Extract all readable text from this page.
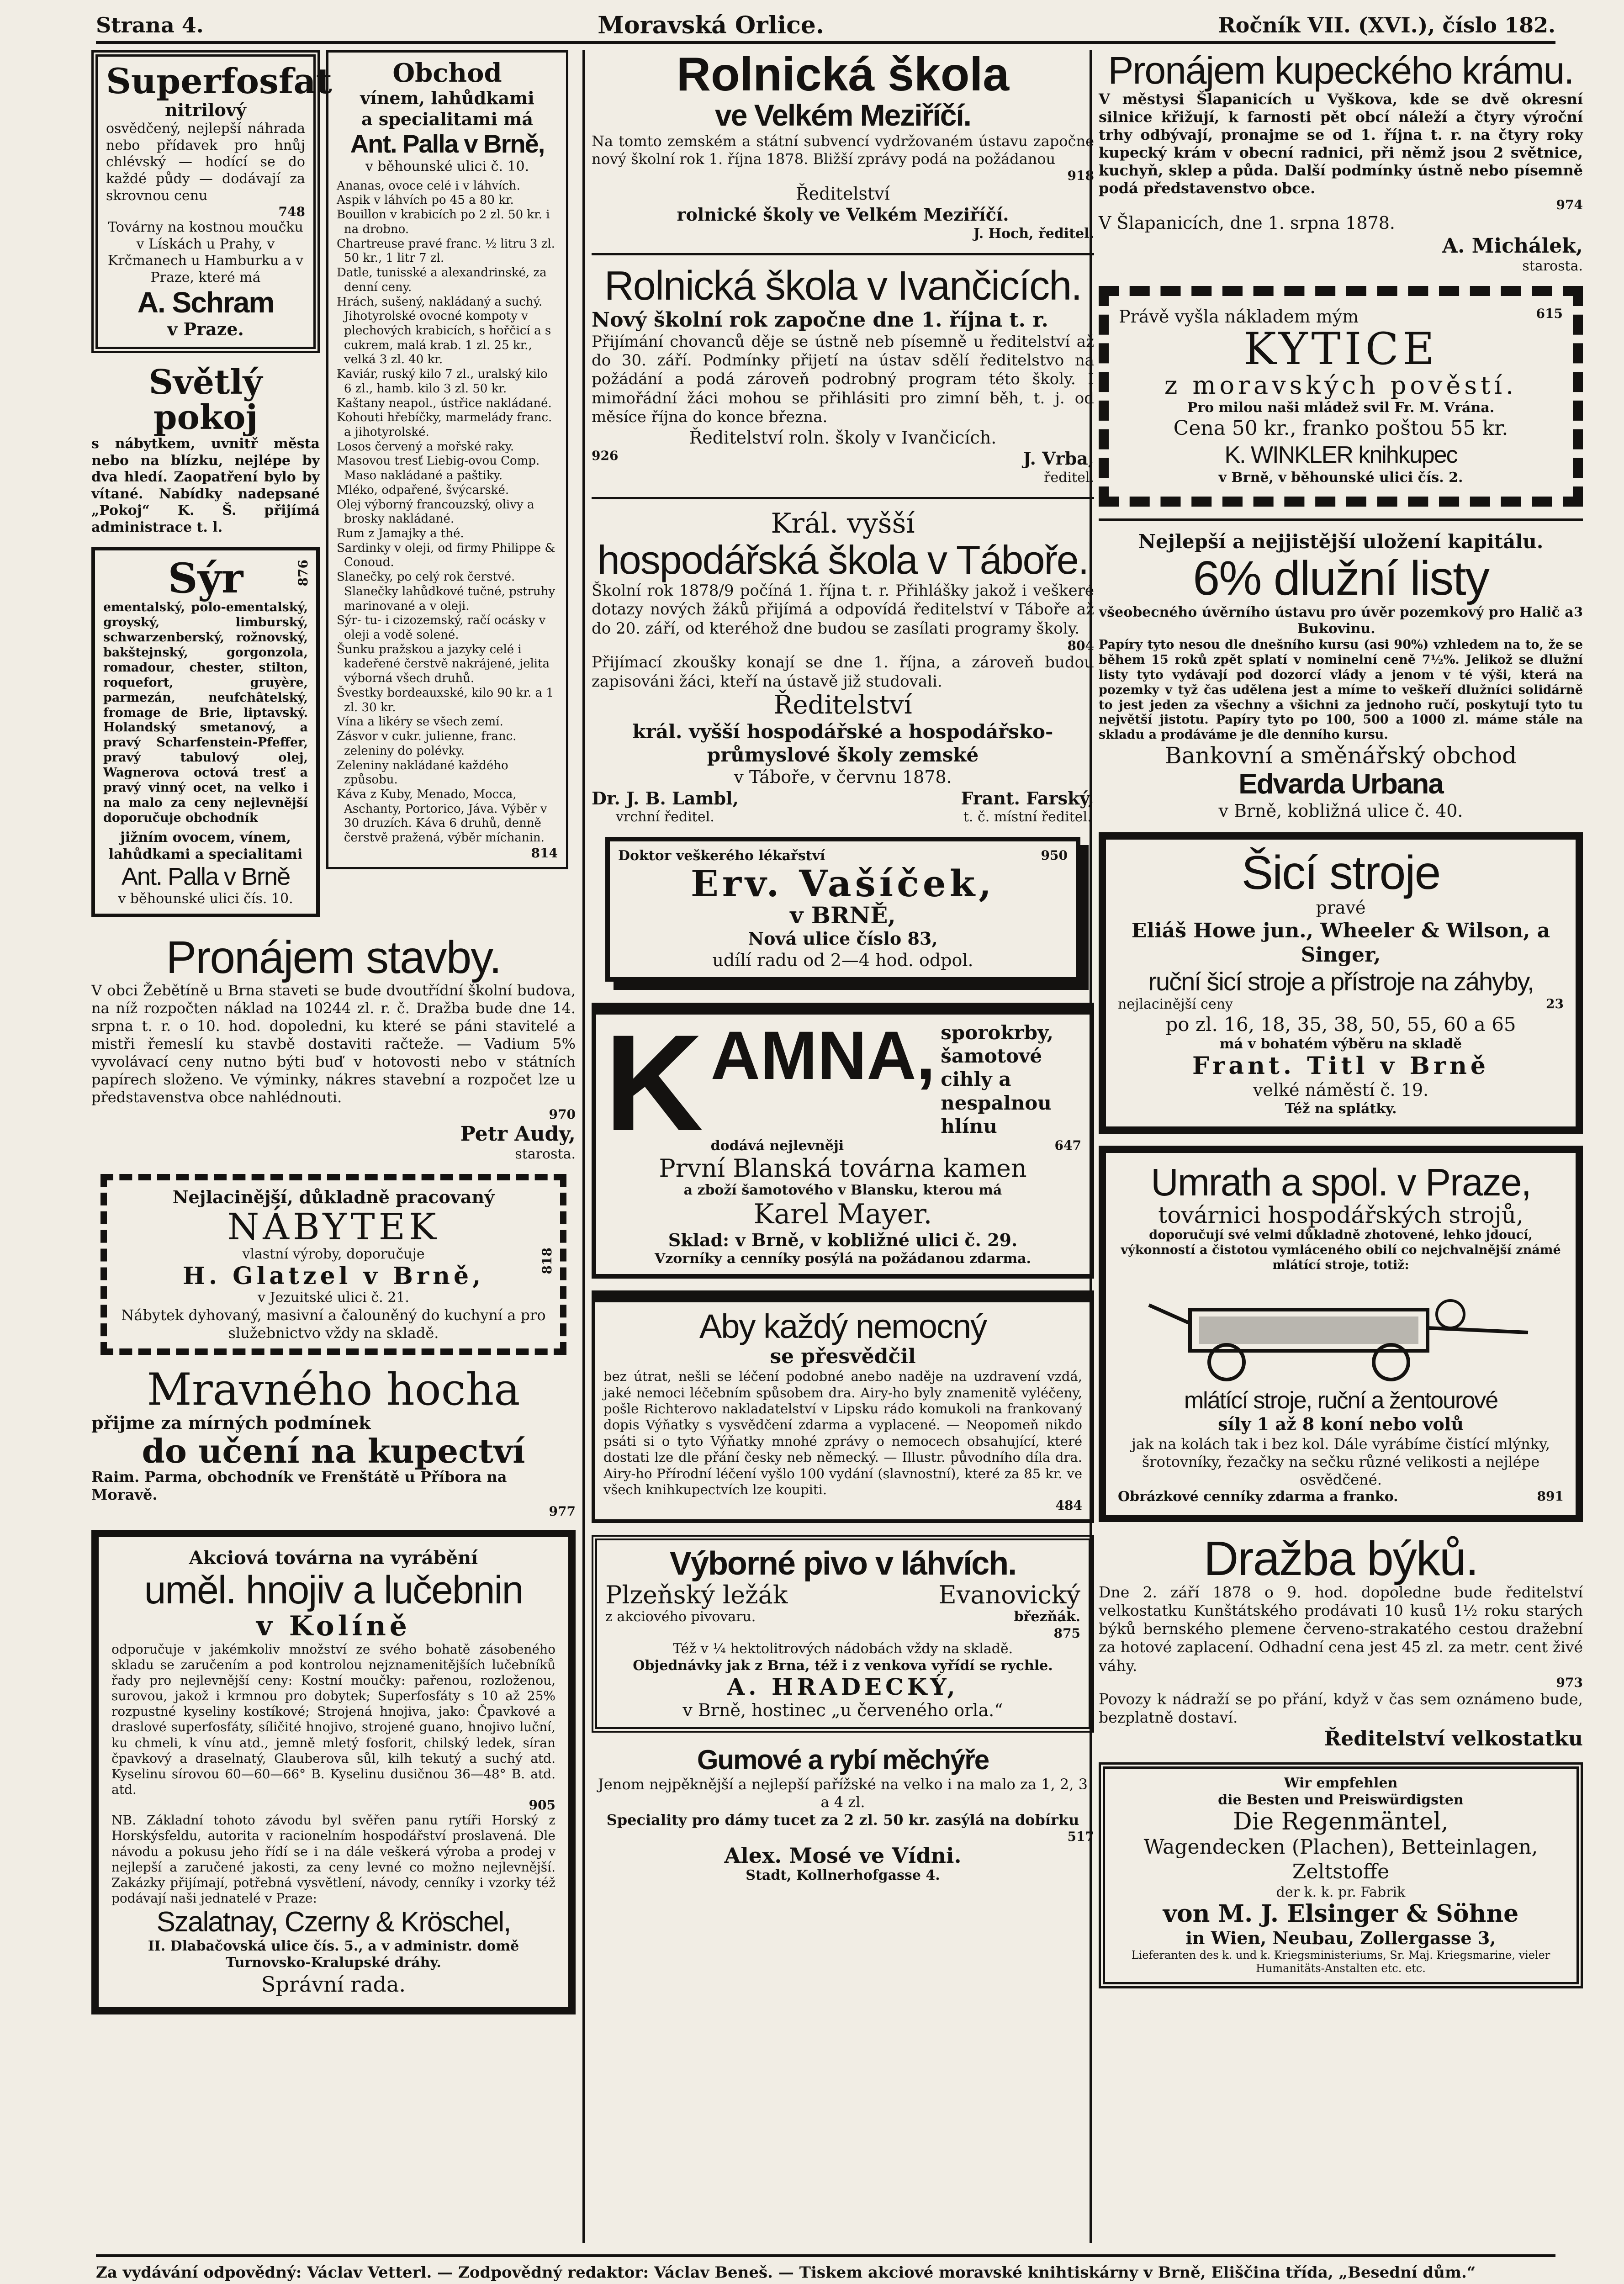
Strana 4.	Moravská Orlice.	Ročník VII. (XVI.), číslo 182.
Superfosfat
nitrilový
osvědčený, nejlepší náhrada nebo přídavek pro hnůj chlévský — hodící se do každé půdy — dodávají za skrovnou cenu
748
Továrny na kostnou moučku v Lískách u Prahy, v Krčmanech u Hamburku a v Praze, které má
A. Schram
v Praze.
Světlý pokoj
s nábytkem, uvnitř města nebo na blízku, nejlépe by dva hledí. Zaopatření bylo by vítané. Nabídky nadepsané „Pokoj“ K. Š. přijímá administrace t. l.
Sýr	876
ementalský, polo-ementalský, groyský, limburský, schwarzenberský, rožnovský, bakštejnský, gorgonzola, romadour, chester, stilton, roquefort, gruyère, parmezán, neufchâtelský, fromage de Brie, liptavský. Holandský smetanový, a pravý Scharfenstein-Pfeffer, pravý tabulový olej, Wagnerova octová tresť a pravý vinný ocet, na velko i na malo za ceny nejlevnější doporučuje obchodník
jižním ovocem, vínem, lahůdkami a specialitami
Ant. Palla v Brně
v běhounské ulici čís. 10.
Obchod
vínem, lahůdkami
a specialitami má
Ant. Palla v Brně,
v běhounské ulici č. 10.
Ananas, ovoce celé i v láhvích.
Aspik v láhvích po 45 a 80 kr.
Bouillon v krabicích po 2 zl. 50 kr. i na drobno.
Chartreuse pravé franc. ½ litru 3 zl. 50 kr., 1 litr 7 zl.
Datle, tunisské a alexandrinské, za denní ceny.
Hrách, sušený, nakládaný a suchý. Jihotyrolské ovocné kompoty v plechových krabicích, s hořčicí a s cukrem, malá krab. 1 zl. 25 kr., velká 3 zl. 40 kr.
Kaviár, ruský kilo 7 zl., uralský kilo 6 zl., hamb. kilo 3 zl. 50 kr.
Kaštany neapol., ústřice nakládané.
Kohouti hřebíčky, marmelády franc. a jihotyrolské.
Losos červený a mořské raky.
Masovou tresť Liebig-ovou Comp. Maso nakládané a paštiky.
Mléko, odpařené, švýcarské.
Olej výborný francouzský, olivy a brosky nakládané.
Rum z Jamajky a thé.
Sardinky v oleji, od firmy Philippe & Conoud.
Slanečky, po celý rok čerstvé. Slanečky lahůdkové tučné, pstruhy marinované a v oleji.
Sýr- tu- i cizozemský, račí ocásky v oleji a vodě solené.
Šunku pražskou a jazyky celé i kadeřené čerstvě nakrájené, jelita výborná všech druhů.
Švestky bordeauxské, kilo 90 kr. a 1 zl. 30 kr.
Vína a likéry se všech zemí.
Zásvor v cukr. julienne, franc. zeleniny do polévky.
Zeleniny nakládané každého způsobu.
Káva z Kuby, Menado, Mocca, Aschanty, Portorico, Jáva. Výběr v 30 druzích. Káva 6 druhů, denně čerstvě pražená, výběr míchanin.
814
Pronájem stavby.
V obci Žebětíně u Brna staveti se bude dvoutřídní školní budova, na níž rozpočten náklad na 10244 zl. r. č. Dražba bude dne 14. srpna t. r. o 10. hod. dopoledni, ku které se páni stavitelé a mistři řemeslí ku stavbě dostaviti račteže. — Vadium 5% vyvolávací ceny nutno býti buď v hotovosti nebo v státních papírech složeno. Ve výminky, nákres stavební a rozpočet lze u představenstva obce nahlédnouti.
970
Petr Audy,
starosta.
Nejlacinější, důkladně pracovaný
NÁBYTEK
vlastní výroby, doporučuje
H. Glatzel v Brně,
v Jezuitské ulici č. 21.
Nábytek dyhovaný, masivní a čalouněný do kuchyní a pro služebnictvo vždy na skladě.
818
Mravného hocha
přijme za mírných podmínek
do učení na kupectví
Raim. Parma, obchodník ve Frenštátě u Příbora na Moravě.
977
Akciová továrna na vyrábění
uměl. hnojiv a lučebnin
v Kolíně
odporučuje v jakémkoliv množství ze svého bohatě zásobeného skladu se zaručením a pod kontrolou nejznamenitějších lučebníků řady pro nejlevnější ceny: Kostní moučky: pařenou, rozloženou, surovou, jakož i krmnou pro dobytek; Superfosfáty s 10 až 25% rozpustné kyseliny kostíkové; Strojená hnojiva, jako: Čpavkové a draslové superfosfáty, síličité hnojivo, strojené guano, hnojivo luční, ku chmeli, k vínu atd., jemně mletý fosforit, chilský ledek, síran čpavkový a draselnatý, Glauberova sůl, kilh tekutý a suchý atd. Kyselinu sírovou 60—60—66° B. Kyselinu dusičnou 36—48° B. atd. atd.
905
NB. Základní tohoto závodu byl svěřen panu rytíři Horský z Horskýsfeldu, autorita v racionelním hospodářství proslavená. Dle návodu a pokusu jeho řídí se i na dále veškerá výroba a prodej v nejlepší a zaručené jakosti, za ceny levné co možno nejlevnější. Zakázky přijímají, potřebná vysvětlení, návody, cenníky i vzorky též podávají naši jednatelé v Praze:
Szalatnay, Czerny & Kröschel,
II. Dlabačovská ulice čís. 5., a v administr. domě Turnovsko-Kralupské dráhy.
Správní rada.
Rolnická škola
ve Velkém Meziříčí.
Na tomto zemském a státní subvencí vydržovaném ústavu započne nový školní rok 1. října 1878. Bližší zprávy podá na požádanou
918
Ředitelství
rolnické školy ve Velkém Meziříčí.
J. Hoch, ředitel.
Rolnická škola v Ivančicích.
Nový školní rok započne dne 1. října t. r.
Přijímání chovanců děje se ústně neb písemně u ředitelství až do 30. září. Podmínky přijetí na ústav sdělí ředitelstvo na požádání a podá zároveň podrobný program této školy. I mimořádní žáci mohou se přihlásiti pro zimní běh, t. j. od měsíce října do konce března.
Ředitelství roln. školy v Ivančicích.
926	J. Vrba,
ředitel.
Král. vyšší
hospodářská škola v Táboře.
Školní rok 1878/9 počíná 1. října t. r. Přihlášky jakož i veškeré dotazy nových žáků přijímá a odpovídá ředitelství v Táboře až do 20. září, od kteréhož dne budou se zasílati programy školy.
804
Přijímací zkoušky konají se dne 1. října, a zároveň budou zapisováni žáci, kteří na ústavě již studovali.
Ředitelství
král. vyšší hospodářské a hospodářsko-průmyslové školy zemské
v Táboře, v červnu 1878.
Dr. J. B. Lambl,
vrchní ředitel.
Frant. Farský,
t. č. místní ředitel.
Doktor veškerého lékařství	950
Erv. Vašíček,
v BRNĚ,
Nová ulice číslo 83,
udílí radu od 2—4 hod. odpol.
K AMNA, sporokrby, šamotové cihly a nespalnou hlínu
dodává nejlevněji	647
První Blanská továrna kamen
a zboží šamotového v Blansku, kterou má
Karel Mayer.
Sklad: v Brně, v kobližné ulici č. 29.
Vzorníky a cenníky posýlá na požádanou zdarma.
Aby každý nemocný
se přesvědčil
bez útrat, nešli se léčení podobné anebo naděje na uzdravení vzdá, jaké nemoci léčebním spůsobem dra. Airy-ho byly znamenitě vyléčeny, pošle Richterovo nakladatelství v Lipsku rádo komukoli na frankovaný dopis Výňatky s vysvědčení zdarma a vyplacené. — Neopomeň nikdo psáti si o tyto Výňatky mnohé zprávy o nemocech obsahující, které dostati lze dle přání česky neb německý. — Illustr. původního díla dra. Airy-ho Přírodní léčení vyšlo 100 vydání (slavnostní), které za 85 kr. ve všech knihkupectvích lze koupiti.
484
Výborné pivo v láhvích.
Plzeňský ležák
z akciového pivovaru.
Evanovický
březňák.
875
Též v ¼ hektolitrových nádobách vždy na skladě.
Objednávky jak z Brna, též i z venkova vyřídí se rychle.
A. HRADECKÝ,
v Brně, hostinec „u červeného orla.“
Gumové a rybí měchýře
Jenom nejpěknější a nejlepší pařížské na velko i na malo za 1, 2, 3 a 4 zl.
Speciality pro dámy tucet za 2 zl. 50 kr. zasýlá na dobírku
517
Alex. Mosé ve Vídni.
Stadt, Kollnerhofgasse 4.
Pronájem kupeckého krámu.
V městysi Šlapanicích u Vyškova, kde se dvě okresní silnice křižují, k farnosti pět obcí náleží a čtyry výroční trhy odbývají, pronajme se od 1. října t. r. na čtyry roky kupecký krám v obecní radnici, při němž jsou 2 světnice, kuchyň, sklep a půda. Další podmínky ústně nebo písemně podá představenstvo obce.
974
V Šlapanicích, dne 1. srpna 1878.
A. Michálek,
starosta.
Právě vyšla nákladem mým	615
KYTICE
z moravských pověstí.
Pro milou naši mládež svil Fr. M. Vrána.
Cena 50 kr., franko poštou 55 kr.
K. WINKLER knihkupec
v Brně, v běhounské ulici čís. 2.
Nejlepší a nejjistější uložení kapitálu.
6% dlužní listy
všeobecného úvěrního ústavu pro úvěr pozemkový pro Halič a Bukovinu.
3
Papíry tyto nesou dle dnešního kursu (asi 90%) vzhledem na to, že se během 15 roků zpět splatí v nominelní ceně 7½%. Jelikož se dlužní listy tyto vydávají pod dozorcí vlády a jenom v té výši, která na pozemky v tyž čas udělena jest a míme to veškeří dlužníci solidárně to jest jeden za všechny a všichni za jednoho ručí, poskytují tyto tu největší jistotu. Papíry tyto po 100, 500 a 1000 zl. máme stále na skladu a prodáváme je dle denního kursu.
Bankovní a směnářský obchod
Edvarda Urbana
v Brně, kobližná ulice č. 40.
Šicí stroje
pravé
Eliáš Howe jun., Wheeler & Wilson, a Singer,
ruční šicí stroje a přístroje na záhyby,
nejlacinější ceny	23
po zl. 16, 18, 35, 38, 50, 55, 60 a 65
má v bohatém výběru na skladě
Frant. Titl v Brně
velké náměstí č. 19.
Též na splátky.
Umrath a spol. v Praze,
továrnici hospodářských strojů,
doporučují své velmi důkladně zhotovené, lehko jdoucí, výkonností a čistotou vymláceného obilí co nejchvalnější známé mlátící stroje, totiž:
mlátící stroje, ruční a žentourové
síly 1 až 8 koní nebo volů
jak na kolách tak i bez kol. Dále vyrábíme čistící mlýnky, šrotovníky, řezačky na sečku různé velikosti a nejlépe osvědčené.
Obrázkové cenníky zdarma a franko.	891
Dražba býků.
Dne 2. září 1878 o 9. hod. dopoledne bude ředitelství velkostatku Kunštátského prodávati 10 kusů 1½ roku starých býků bernského plemene červeno-strakatého cestou dražební za hotové zaplacení. Odhadní cena jest 45 zl. za metr. cent živé váhy.
973
Povozy k nádraží se po přání, když v čas sem oznámeno bude, bezplatně dostaví.
Ředitelství velkostatku
Wir empfehlen
die Besten und Preiswürdigsten
Die Regenmäntel,
Wagendecken (Plachen), Betteinlagen, Zeltstoffe
der k. k. pr. Fabrik
von M. J. Elsinger & Söhne
in Wien, Neubau, Zollergasse 3,
Lieferanten des k. und k. Kriegsministeriums, Sr. Maj. Kriegsmarine, vieler Humanitäts-Anstalten etc. etc.
Za vydávání odpovědný: Václav Vetterl. — Zodpovědný redaktor: Václav Beneš. — Tiskem akciové moravské knihtiskárny v Brně, Eliščina třída, „Besední dům.“
